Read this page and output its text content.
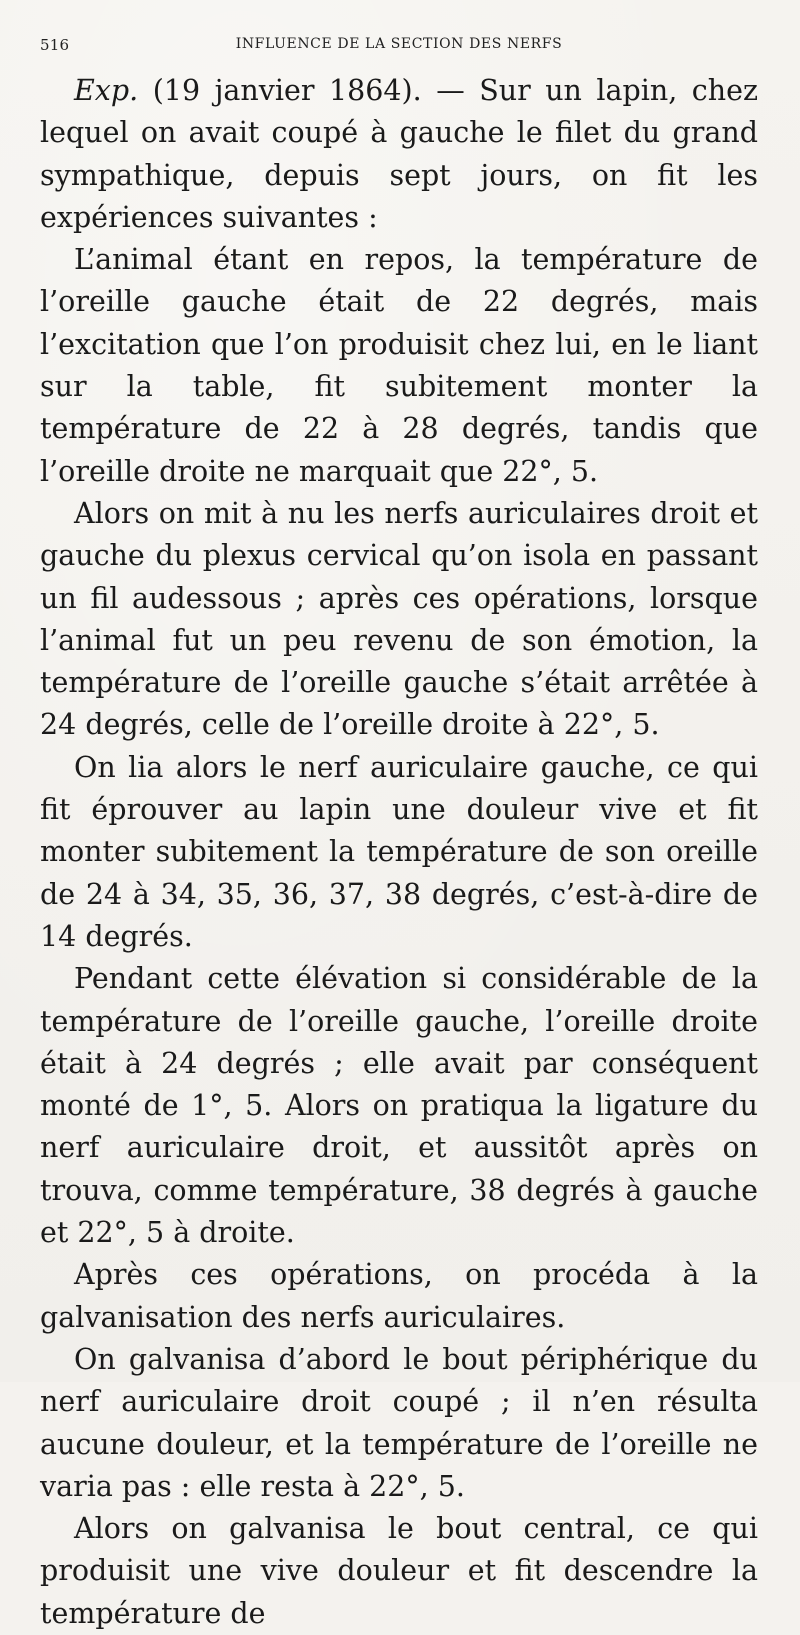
516	INFLUENCE DE LA SECTION DES NERFS

Exp. (19 janvier 1864). — Sur un lapin, chez lequel on avait coupé à gauche le filet du grand sympathique, depuis sept jours, on fit les expériences suivantes :

L’animal étant en repos, la température de l’oreille gauche était de 22 degrés, mais l’excitation que l’on produisit chez lui, en le liant sur la table, fit subitement monter la température de 22 à 28 degrés, tandis que l’oreille droite ne marquait que 22°, 5.

Alors on mit à nu les nerfs auriculaires droit et gauche du plexus cervical qu’on isola en passant un fil audessous ; après ces opérations, lorsque l’animal fut un peu revenu de son émotion, la température de l’oreille gauche s’était arrêtée à 24 degrés, celle de l’oreille droite à 22°, 5.

On lia alors le nerf auriculaire gauche, ce qui fit éprouver au lapin une douleur vive et fit monter subitement la température de son oreille de 24 à 34, 35, 36, 37, 38 degrés, c’est-à-dire de 14 degrés.

Pendant cette élévation si considérable de la température de l’oreille gauche, l’oreille droite était à 24 degrés ; elle avait par conséquent monté de 1°, 5. Alors on pratiqua la ligature du nerf auriculaire droit, et aussitôt après on trouva, comme température, 38 degrés à gauche et 22°, 5 à droite.

Après ces opérations, on procéda à la galvanisation des nerfs auriculaires.

On galvanisa d’abord le bout périphérique du nerf auriculaire droit coupé ; il n’en résulta aucune douleur, et la température de l’oreille ne varia pas : elle resta à 22°, 5.

Alors on galvanisa le bout central, ce qui produisit une vive douleur et fit descendre la température de
